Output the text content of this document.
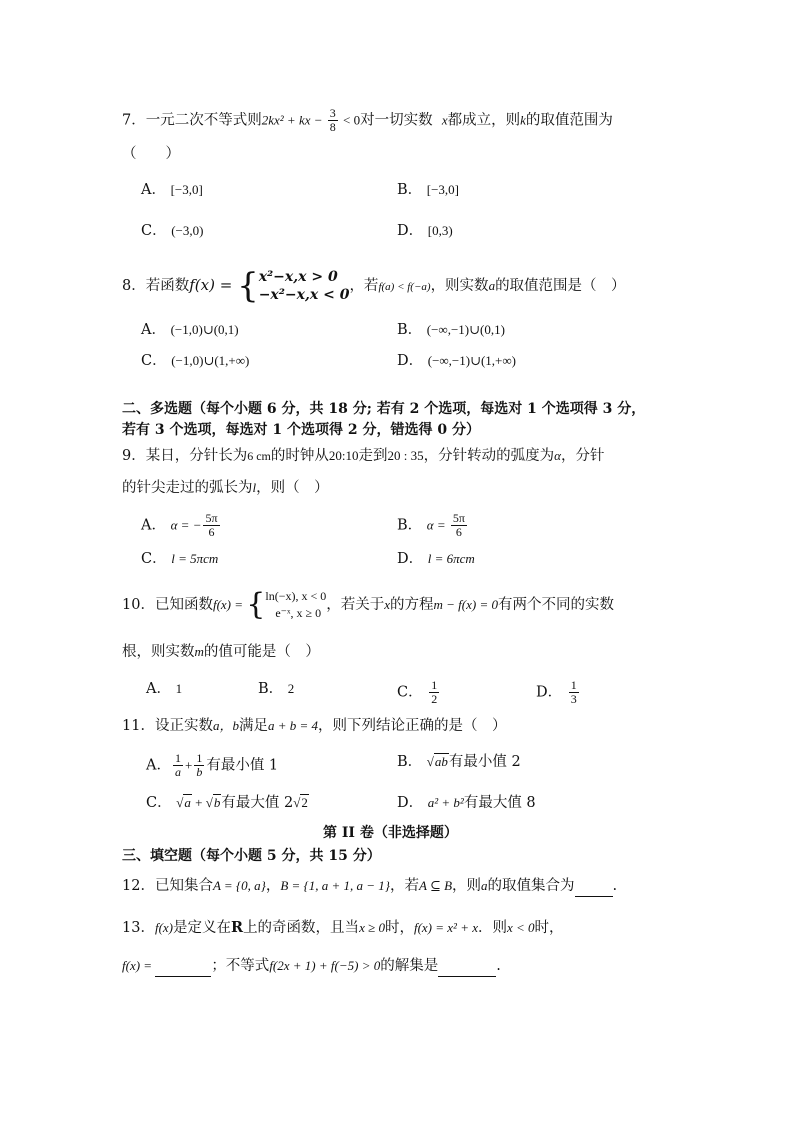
7．一元二次不等式则2kx² + kx − $\frac{3}{8} < 0$对一切实数 x都成立，则k的取值范围为
（　　）
A． [−3,0]	B． [−3,0]
C． (−3,0)	D． [0,3)
8．若函数f(x) = { x²−x,x > 0
−x²−x,x < 0
，若f(a) < f(−a)，则实数a的取值范围是（　）
A． (−1,0)∪(0,1)	B． (−∞,−1)∪(0,1)
C． (−1,0)∪(1,+∞)	D． (−∞,−1)∪(1,+∞)
二、多选题（每个小题 6 分，共 18 分; 若有 2 个选项，每选对 1 个选项得 3 分，
若有 3 个选项，每选对 1 个选项得 2 分，错选得 0 分）
9．某日，分针长为6 cm的时钟从20:10走到20 : 35，分针转动的弧度为α，分针
的针尖走过的弧长为l，则（　）
A． α = − $\frac{5\pi}{6}$	B． $\alpha = \frac{5\pi}{6}$
C． l = 5πcm	D． l = 6πcm
10．已知函数f(x) = { ln(−x), x < 0
e⁻ˣ, x ≥ 0 ，若关于x的方程m − f(x) = 0有两个不同的实数
根，则实数m的值可能是（　）
A． 1	B． 2	C． $\frac{1}{2}$	D． $\frac{1}{3}$
11．设正实数a，b满足a + b = 4，则下列结论正确的是（　）
A． $\frac{1}{a} + \frac{1}{b}$ 有最小值 1	B． √ab有最小值 2
C． √a + √b有最大值 2√2	D． a² + b²有最大值 8
第 II 卷（非选择题）
三、填空题（每个小题 5 分，共 15 分）
12．已知集合A = {0, a}，B = {1, a + 1, a − 1}，若A ⊆ B，则a的取值集合为	.
13．f(x)是定义在R上的奇函数，且当x ≥ 0时，f(x) = x² + x．则x < 0时，
f(x) =	；不等式f(2x + 1) + f(−5) > 0的解集是	.
